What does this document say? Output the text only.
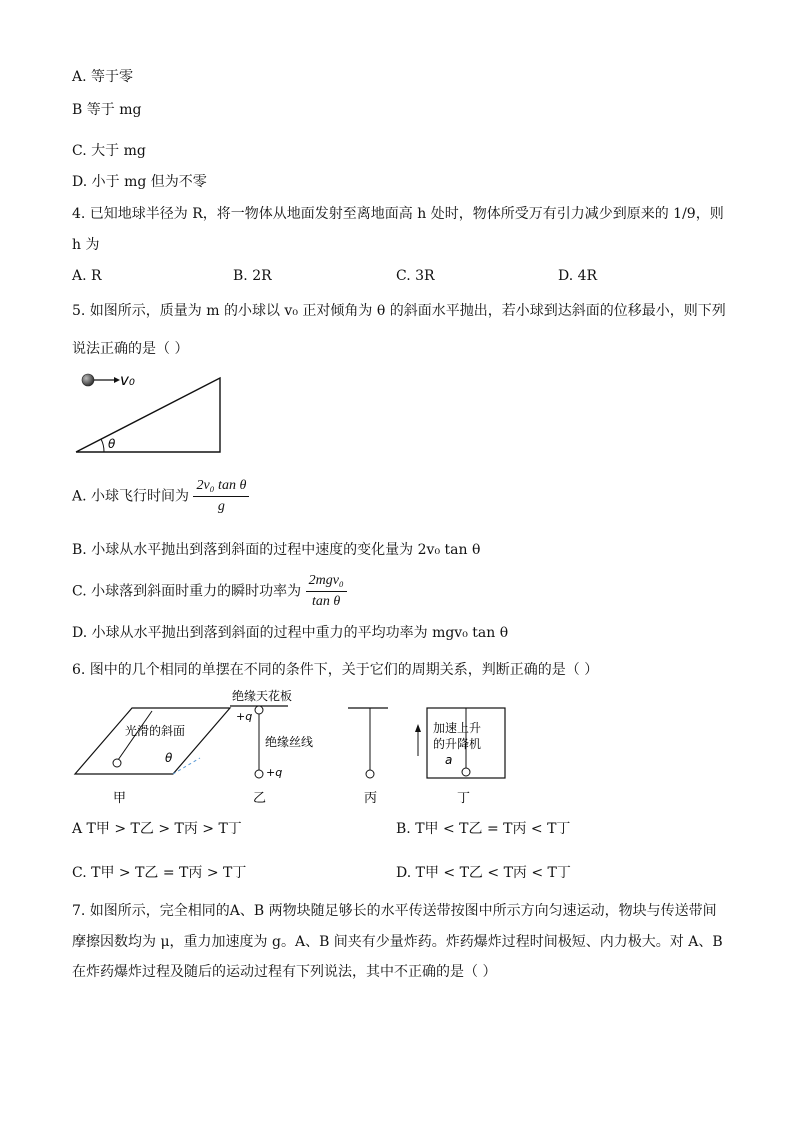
A. 等于零
B 等于 mg
C. 大于 mg
D. 小于 mg 但为不零
4. 已知地球半径为 R，将一物体从地面发射至离地面高 h 处时，物体所受万有引力减少到原来的 1/9，则
h 为
A. R	B. 2R	C. 3R	D. 4R
5. 如图所示，质量为 m 的小球以 v₀ 正对倾角为 θ 的斜面水平抛出，若小球到达斜面的位移最小，则下列
说法正确的是（ ）
v₀
θ
A. 小球飞行时间为 $\frac{\text{2v₀ tan θ}}{g}$
B. 小球从水平抛出到落到斜面的过程中速度的变化量为 2v₀ tan θ
C. 小球落到斜面时重力的瞬时功率为 $\frac{\text{2mgv₀}}{\text{tan θ}}$
D. 小球从水平抛出到落到斜面的过程中重力的平均功率为 mgv₀ tan θ
6. 图中的几个相同的单摆在不同的条件下，关于它们的周期关系，判断正确的是（ ）
光滑的斜面
θ
甲
绝缘天花板
+q
绝缘丝线
+q
乙	丙
加速上升
的升降机
a
丁
A T甲 > T乙 > T丙 > T丁	B. T甲 < T乙 = T丙 < T丁
C. T甲 > T乙 = T丙 > T丁	D. T甲 < T乙 < T丙 < T丁
7. 如图所示，完全相同的A、B 两物块随足够长的水平传送带按图中所示方向匀速运动，物块与传送带间
摩擦因数均为 μ，重力加速度为 g。A、B 间夹有少量炸药。炸药爆炸过程时间极短、内力极大。对 A、B
在炸药爆炸过程及随后的运动过程有下列说法，其中不正确的是（ ）
